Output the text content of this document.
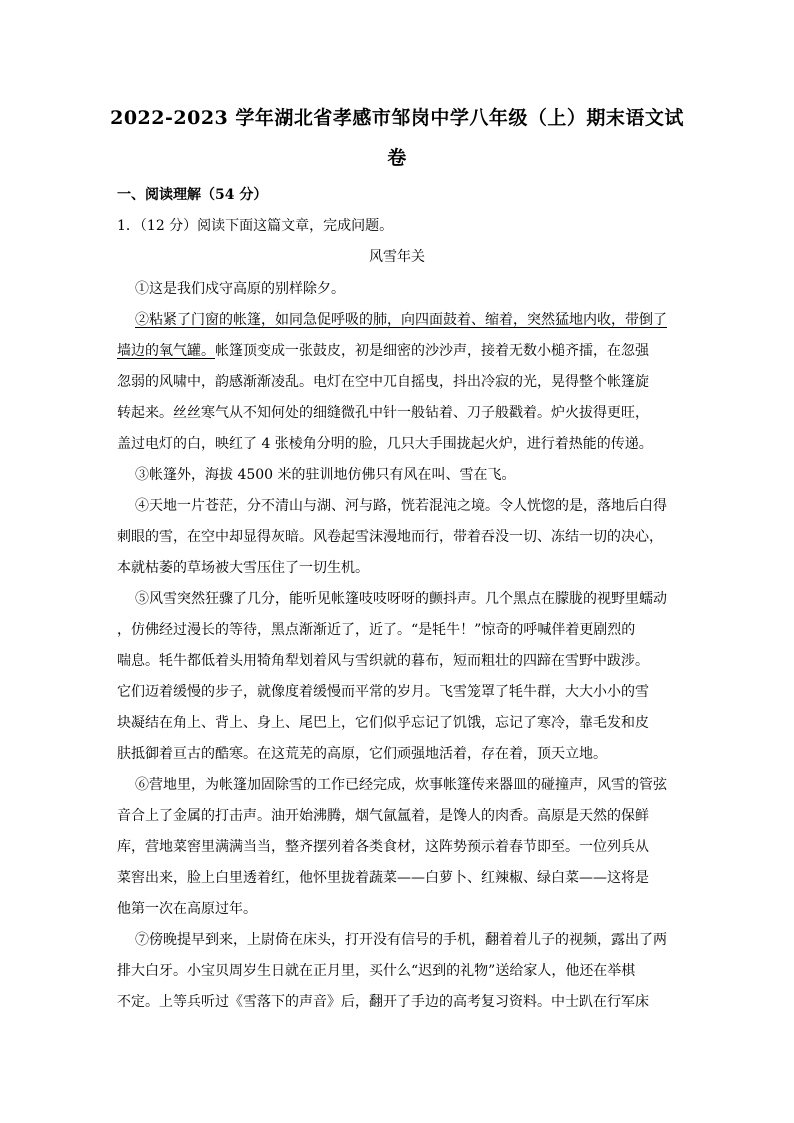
2022-2023 学年湖北省孝感市邹岗中学八年级（上）期末语文试
卷
一、阅读理解（54 分）
1．（12 分）阅读下面这篇文章，完成问题。
风雪年关
①这是我们戍守高原的别样除夕。
②粘紧了门窗的帐篷，如同急促呼吸的肺，向四面鼓着、缩着，突然猛地内收，带倒了
墙边的氧气罐。帐篷顶变成一张鼓皮，初是细密的沙沙声，接着无数小槌齐擂，在忽强
忽弱的风啸中，韵感渐渐凌乱。电灯在空中兀自摇曳，抖出冷寂的光，晃得整个帐篷旋
转起来。丝丝寒气从不知何处的细缝微孔中针一般钻着、刀子般戳着。炉火拔得更旺，
盖过电灯的白，映红了 4 张棱角分明的脸，几只大手围拢起火炉，进行着热能的传递。
③帐篷外，海拔 4500 米的驻训地仿佛只有风在叫、雪在飞。
④天地一片苍茫，分不清山与湖、河与路，恍若混沌之境。令人恍惚的是，落地后白得
刺眼的雪，在空中却显得灰暗。风卷起雪沫漫地而行，带着吞没一切、冻结一切的决心，
本就枯萎的草场被大雪压住了一切生机。
⑤风雪突然狂骤了几分，能听见帐篷吱吱呀呀的颤抖声。几个黑点在朦胧的视野里蠕动
，仿佛经过漫长的等待，黑点渐渐近了，近了。“是牦牛！”惊奇的呼喊伴着更剧烈的
喘息。牦牛都低着头用犄角犁划着风与雪织就的暮布，短而粗壮的四蹄在雪野中跋涉。
它们迈着缓慢的步子，就像度着缓慢而平常的岁月。飞雪笼罩了牦牛群，大大小小的雪
块凝结在角上、背上、身上、尾巴上，它们似乎忘记了饥饿，忘记了寒冷，靠毛发和皮
肤抵御着亘古的酷寒。在这荒芜的高原，它们顽强地活着，存在着，顶天立地。
⑥营地里，为帐篷加固除雪的工作已经完成，炊事帐篷传来器皿的碰撞声，风雪的管弦
音合上了金属的打击声。油开始沸腾，烟气氤氲着，是馋人的肉香。高原是天然的保鲜
库，营地菜窖里满满当当，整齐摆列着各类食材，这阵势预示着春节即至。一位列兵从
菜窖出来，脸上白里透着红，他怀里拢着蔬菜——白萝卜、红辣椒、绿白菜——这将是
他第一次在高原过年。
⑦傍晚提早到来，上尉倚在床头，打开没有信号的手机，翻着着儿子的视频，露出了两
排大白牙。小宝贝周岁生日就在正月里，买什么“迟到的礼物”送给家人，他还在举棋
不定。上等兵听过《雪落下的声音》后，翻开了手边的高考复习资料。中士趴在行军床
